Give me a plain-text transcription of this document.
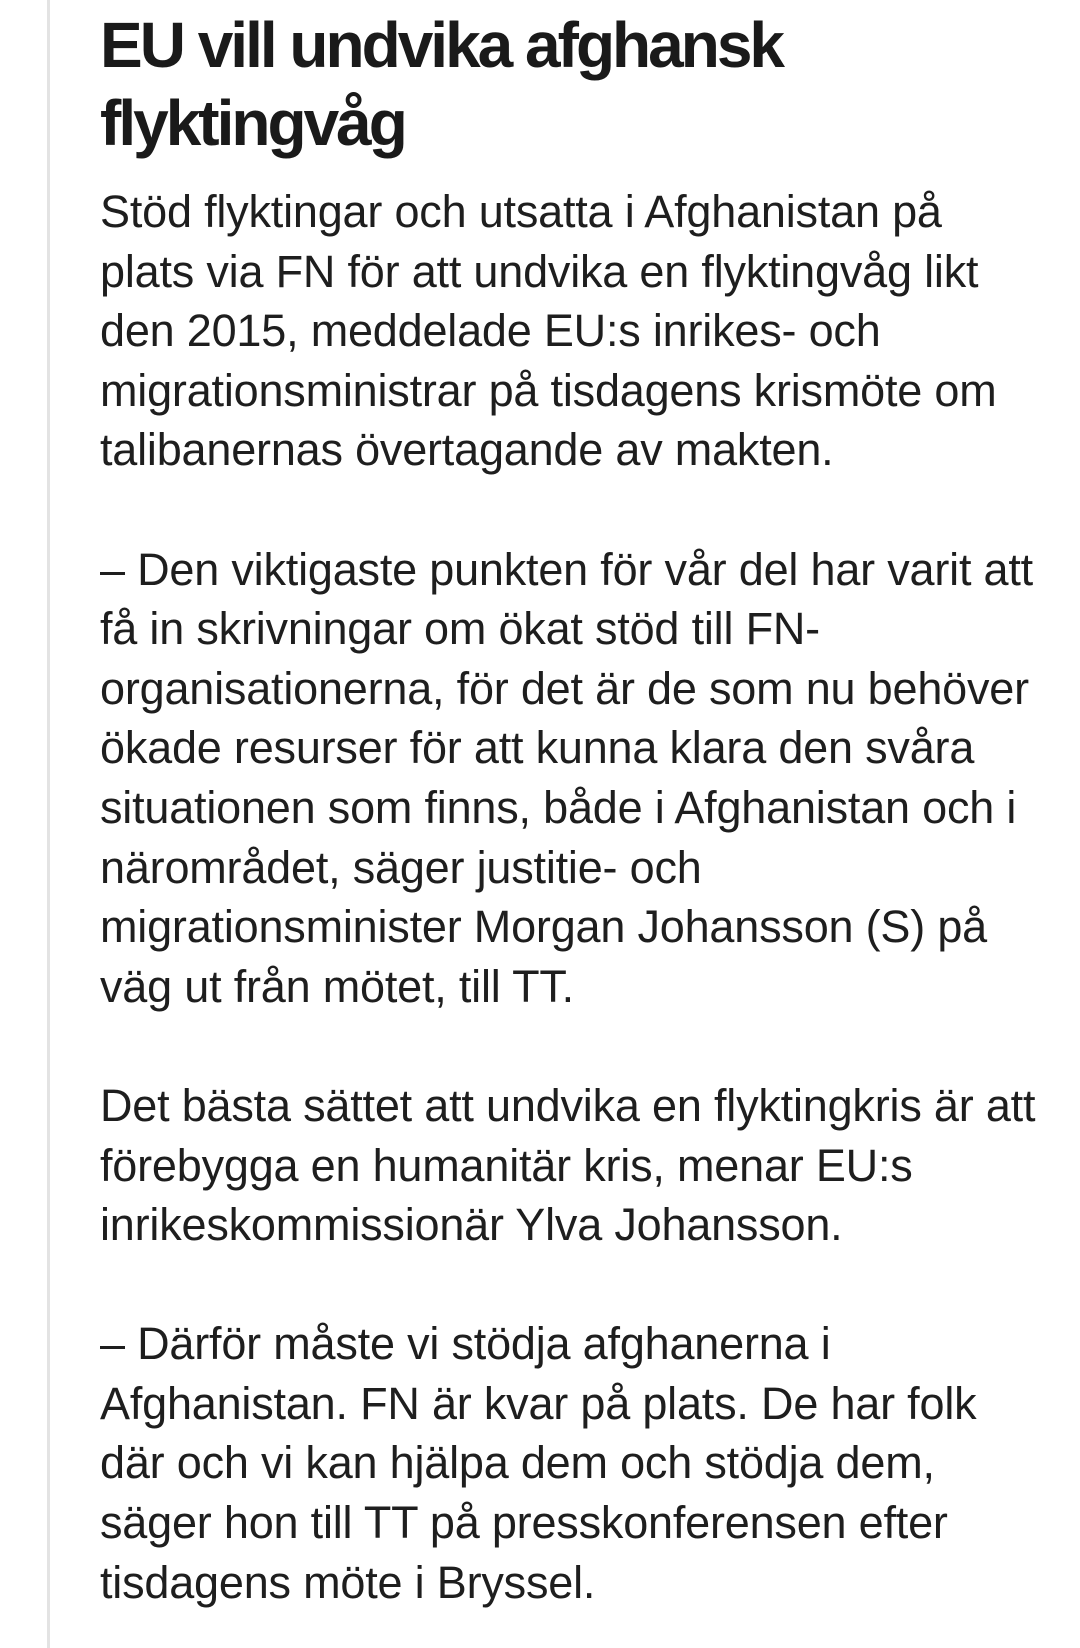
EU vill undvika afghansk flyktingvåg

Stöd flyktingar och utsatta i Afghanistan på plats via FN för att undvika en flyktingvåg likt den 2015, meddelade EU:s inrikes- och migrationsministrar på tisdagens krismöte om talibanernas övertagande av makten.

– Den viktigaste punkten för vår del har varit att få in skrivningar om ökat stöd till FN-organisationerna, för det är de som nu behöver ökade resurser för att kunna klara den svåra situationen som finns, både i Afghanistan och i närområdet, säger justitie- och migrationsminister Morgan Johansson (S) på väg ut från mötet, till TT.

Det bästa sättet att undvika en flyktingkris är att förebygga en humanitär kris, menar EU:s inrikeskommissionär Ylva Johansson.

– Därför måste vi stödja afghanerna i Afghanistan. FN är kvar på plats. De har folk där och vi kan hjälpa dem och stödja dem, säger hon till TT på presskonferensen efter tisdagens möte i Bryssel.
